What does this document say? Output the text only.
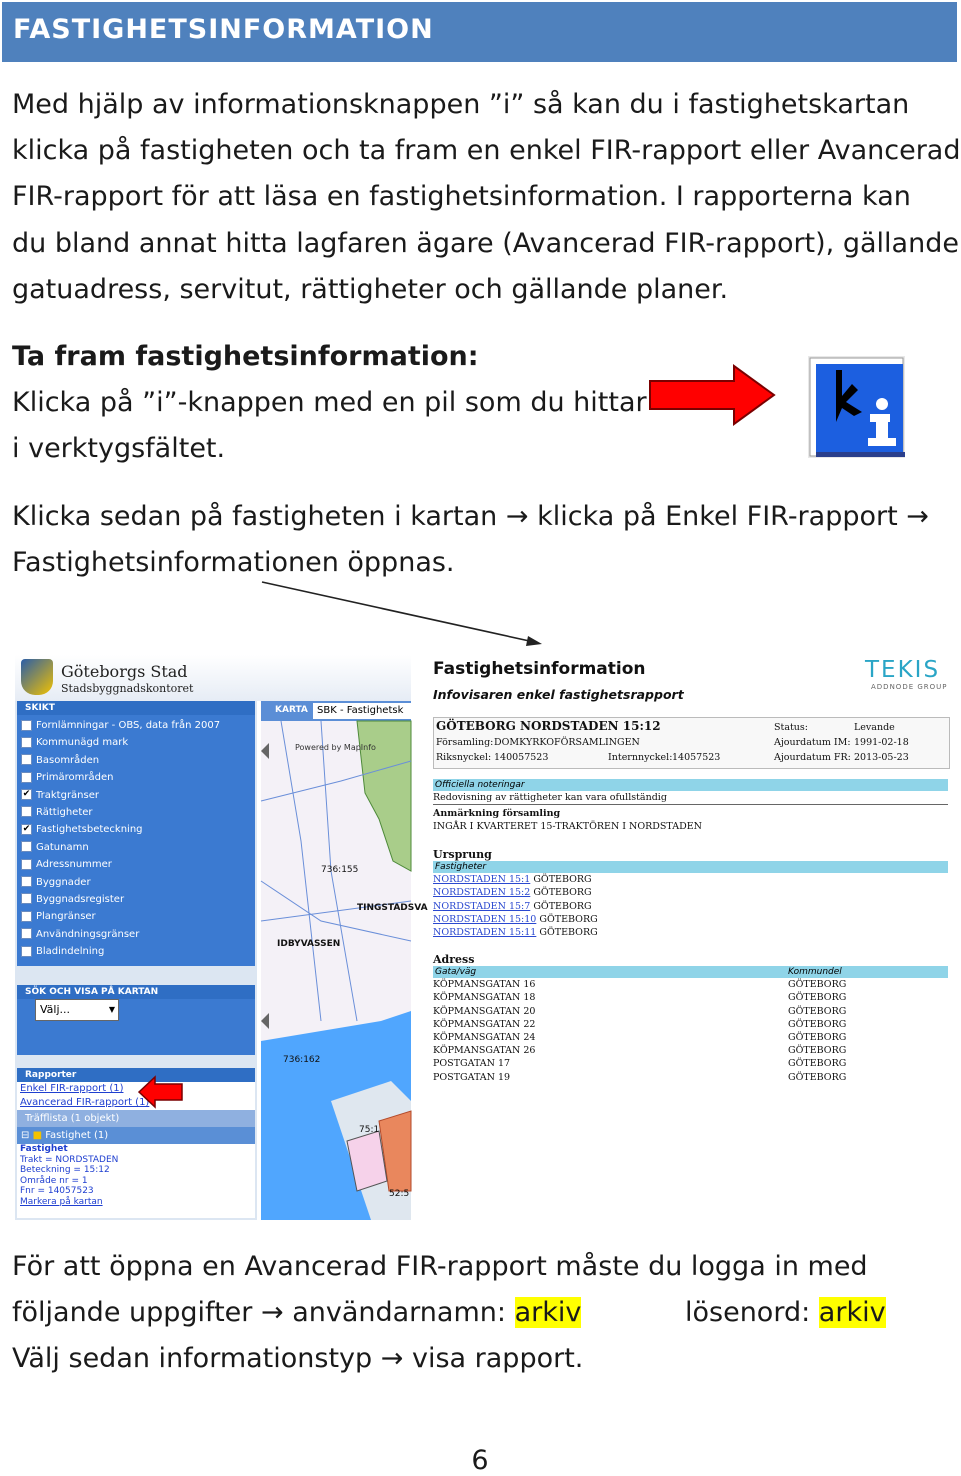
FASTIGHETSINFORMATION
Med hjälp av informationsknappen ”i” så kan du i fastighetskartan
klicka på fastigheten och ta fram en enkel FIR-rapport eller Avancerad
FIR-rapport för att läsa en fastighetsinformation. I rapporterna kan
du bland annat hitta lagfaren ägare (Avancerad FIR-rapport), gällande
gatuadress, servitut, rättigheter och gällande planer.
Ta fram fastighetsinformation:
Klicka på ”i”-knappen med en pil som du hittar
i verktygsfältet.
Klicka sedan på fastigheten i kartan → klicka på Enkel FIR-rapport →
Fastighetsinformationen öppnas.
Göteborgs Stad
Stadsbyggnadskontoret
SKIKT
Fornlämningar - OBS, data från 2007
Kommunägd mark
Basområden
Primärområden
✔ Traktgränser
Rättigheter
✔ Fastighetsbeteckning
Gatunamn
Adressnummer
Byggnader
Byggnadsregister
Plangränser
Användningsgränser
Bladindelning
SÖK OCH VISA PÅ KARTAN
Välj... ▼
Rapporter
Enkel FIR-rapport (1)
Avancerad FIR-rapport (1)
Träfflista (1 objekt)
⊟ ■ Fastighet (1)
Fastighet
Trakt = NORDSTADEN
Beteckning = 15:12
Område nr = 1
Fnr = 14057523
Markera på kartan
KARTA SBK - Fastighetsk
Powered by MapInfo
736:155
TINGSTADSVA
IDBYVASSEN
736:162
75:1
52:5
Fastighetsinformation
Infovisaren enkel fastighetsrapport
TEKIS
ADDNODE GROUP
GÖTEBORG NORDSTADEN 15:12
Församling: DOMKYRKOFÖRSAMLINGEN
Riksnyckel: 140057523	Internnyckel: 14057523
Status:	Levande
Ajourdatum IM: 1991-02-18
Ajourdatum FR: 2013-05-23
Officiella noteringar
Redovisning av rättigheter kan vara ofullständig
Anmärkning församling
INGÅR I KVARTERET 15-TRAKTÖREN I NORDSTADEN
Ursprung
Fastigheter
NORDSTADEN 15:1 GÖTEBORG
NORDSTADEN 15:2 GÖTEBORG
NORDSTADEN 15:7 GÖTEBORG
NORDSTADEN 15:10 GÖTEBORG
NORDSTADEN 15:11 GÖTEBORG
Adress
Gata/väg	Kommundel
KÖPMANSGATAN 16	GÖTEBORG
KÖPMANSGATAN 18	GÖTEBORG
KÖPMANSGATAN 20	GÖTEBORG
KÖPMANSGATAN 22	GÖTEBORG
KÖPMANSGATAN 24	GÖTEBORG
KÖPMANSGATAN 26	GÖTEBORG
POSTGATAN 17	GÖTEBORG
POSTGATAN 19	GÖTEBORG
För att öppna en Avancerad FIR-rapport måste du logga in med
följande uppgifter → användarnamn: arkiv	lösenord: arkiv
Välj sedan informationstyp → visa rapport.
6
